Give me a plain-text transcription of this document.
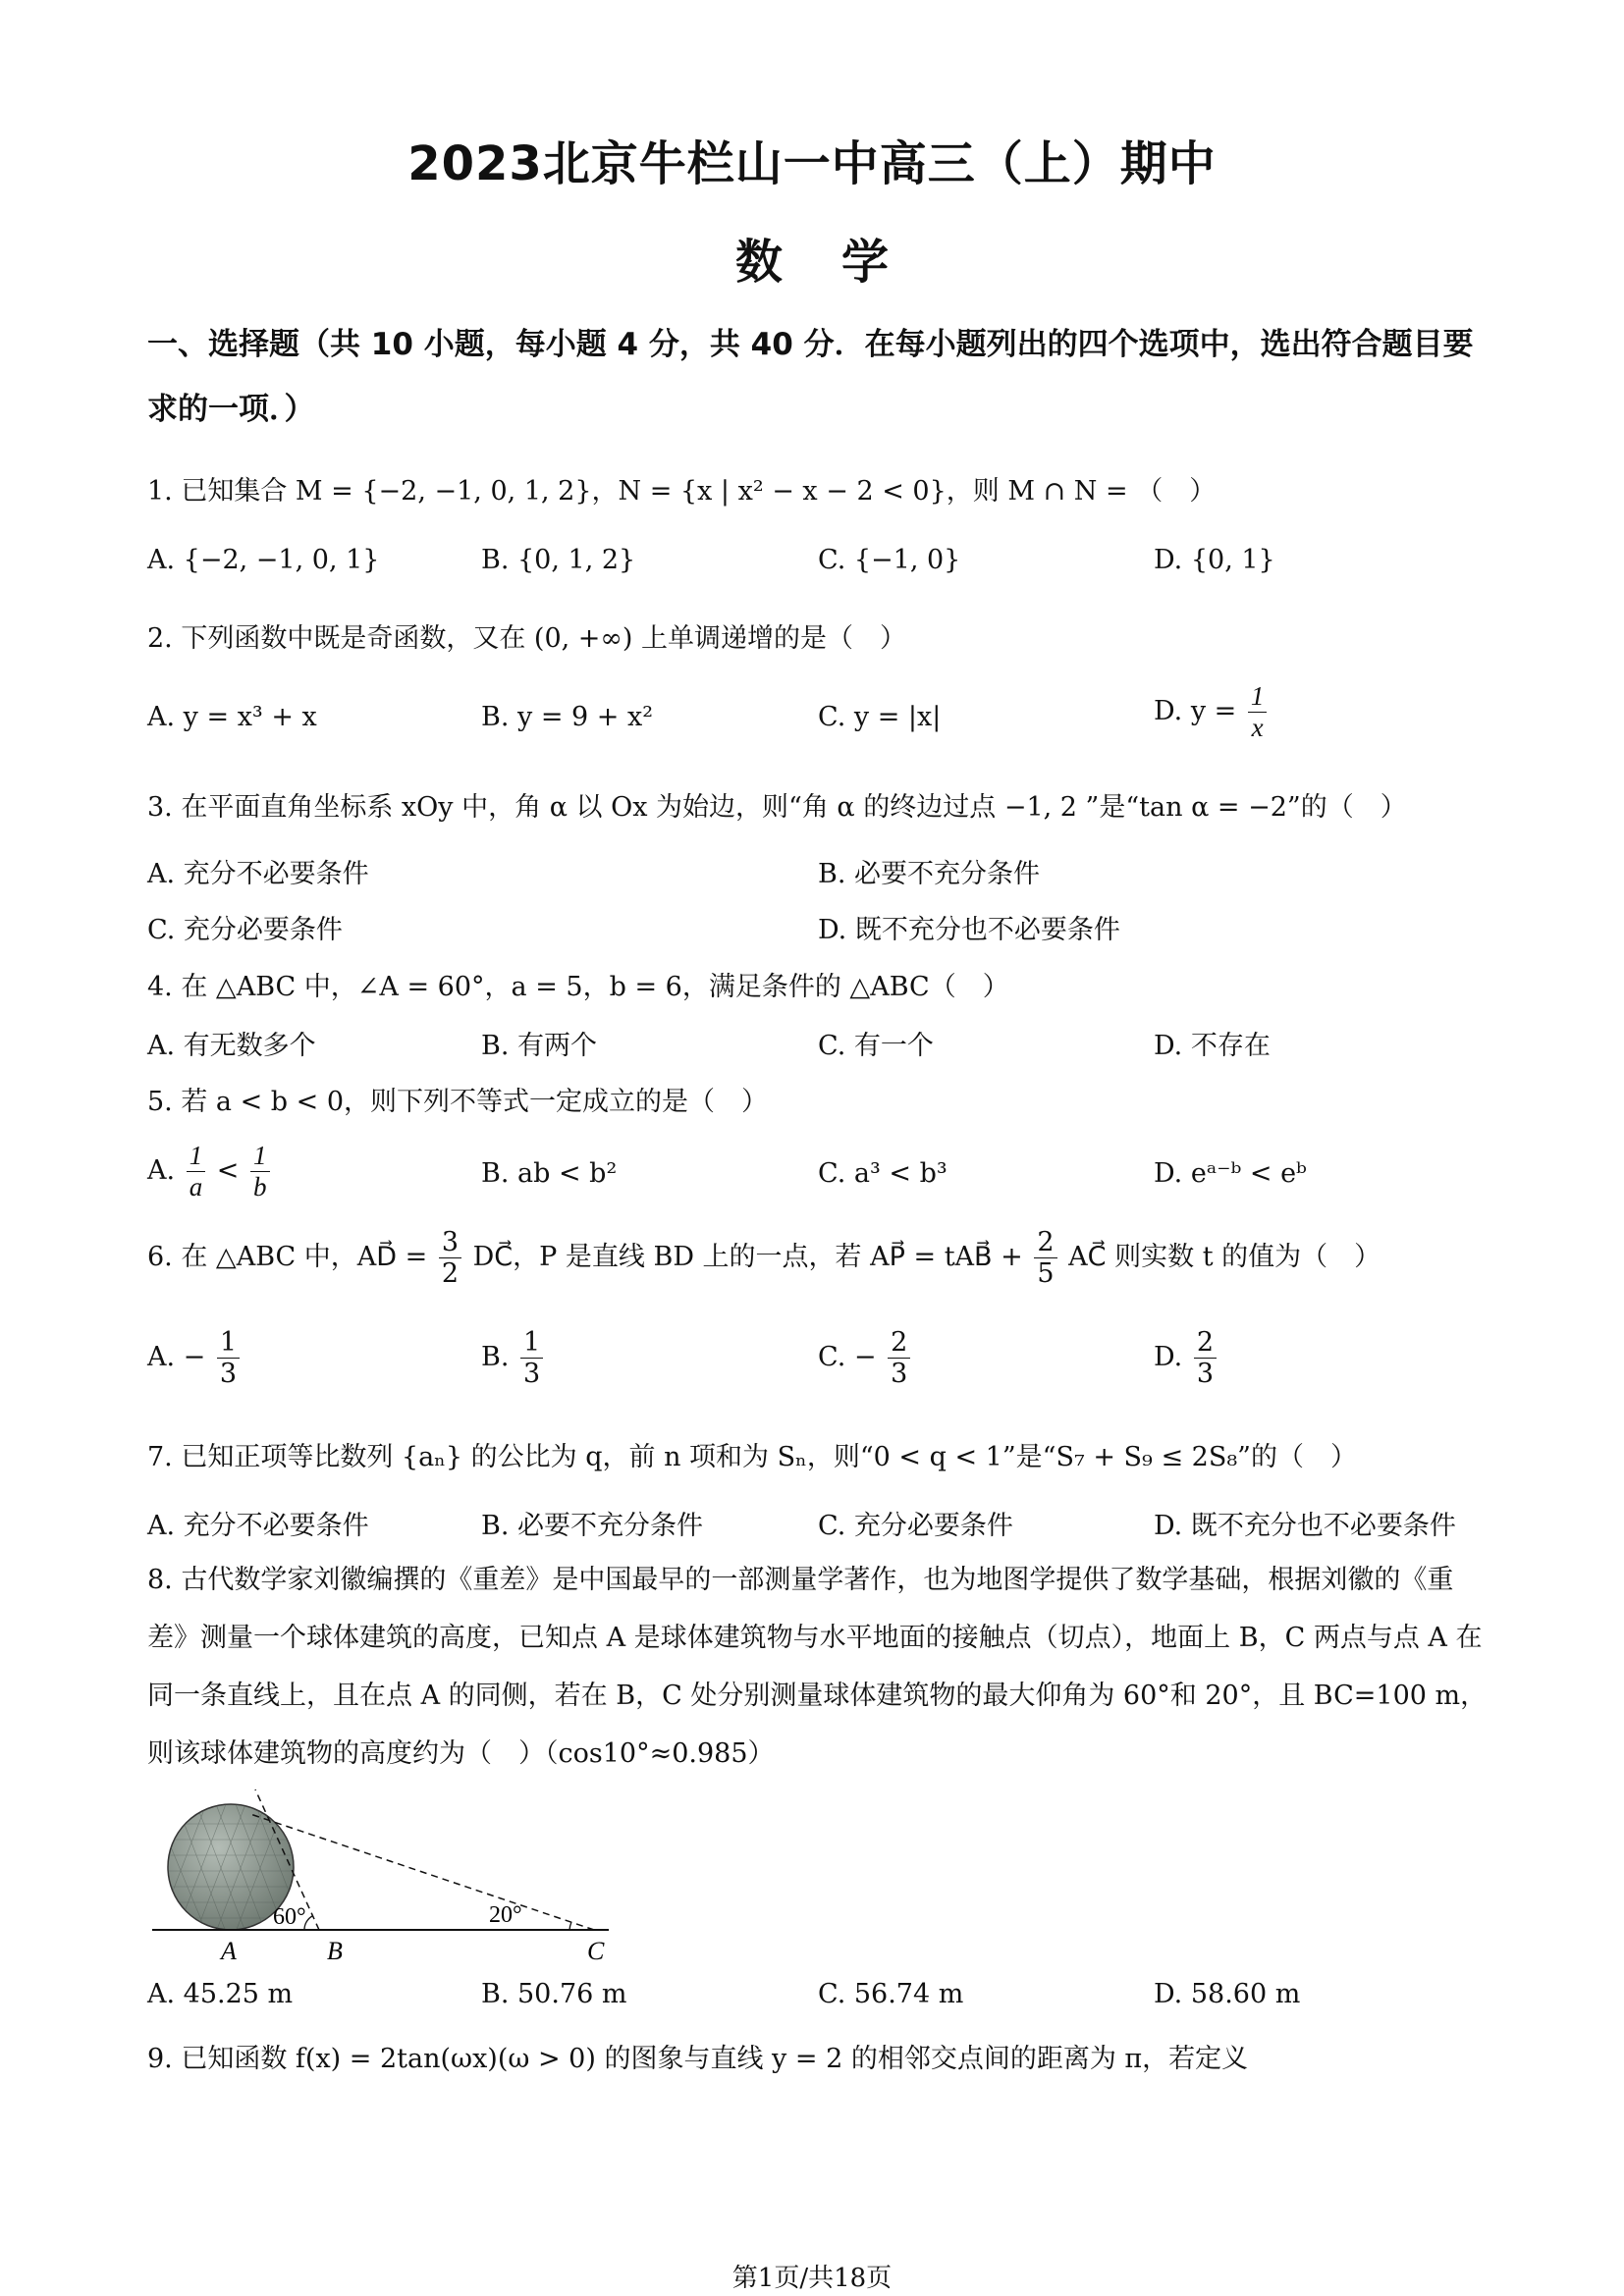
2023北京牛栏山一中高三（上）期中
数学
一、选择题（共 10 小题，每小题 4 分，共 40 分．在每小题列出的四个选项中，选出符合题目要求的一项．）
1. 已知集合 M = {−2, −1, 0, 1, 2}，N = {x | x² − x − 2 < 0}，则 M ∩ N = （　）
A. {−2, −1, 0, 1}	B. {0, 1, 2}	C. {−1, 0}	D. {0, 1}
2. 下列函数中既是奇函数，又在 (0, +∞) 上单调递增的是（　）
A. y = x³ + x	B. y = 9 + x²	C. y = |x|	D. $y = \frac{1}{x}$
3. 在平面直角坐标系 xOy 中，角 α 以 Ox 为始边，则“角 α 的终边过点 −1, 2 ”是“tan α = −2”的（　）
A. 充分不必要条件	B. 必要不充分条件
C. 充分必要条件	D. 既不充分也不必要条件
4. 在 △ABC 中，∠A = 60°，a = 5，b = 6，满足条件的 △ABC（　）
A. 有无数多个	B. 有两个	C. 有一个	D. 不存在
5. 若 a < b < 0，则下列不等式一定成立的是（　）
A. $\frac{1}{a} < \frac{1}{b}$	B. ab < b²	C. a³ < b³	D. eᵃ⁻ᵇ < eᵇ
6. 在 △ABC 中，AD⃗ = $\frac{3}{2}$ DC⃗，P 是直线 BD 上的一点，若 AP⃗ = tAB⃗ + $\frac{2}{5}$ AC⃗ 则实数 t 的值为（　）
A. − $\frac{1}{3}$	B. $\frac{1}{3}$	C. − $\frac{2}{3}$	D. $\frac{2}{3}$
7. 已知正项等比数列 {aₙ} 的公比为 q，前 n 项和为 Sₙ，则“0 < q < 1”是“S₇ + S₉ ≤ 2S₈”的（　）
A. 充分不必要条件	B. 必要不充分条件	C. 充分必要条件	D. 既不充分也不必要条件
8. 古代数学家刘徽编撰的《重差》是中国最早的一部测量学著作，也为地图学提供了数学基础，根据刘徽的《重差》测量一个球体建筑的高度，已知点 A 是球体建筑物与水平地面的接触点（切点），地面上 B，C 两点与点 A 在同一条直线上，且在点 A 的同侧，若在 B，C 处分别测量球体建筑物的最大仰角为 60°和 20°，且 BC=100 m，则该球体建筑物的高度约为（　）（cos10°≈0.985）
60°	20°
A	B	C
A. 45.25 m	B. 50.76 m	C. 56.74 m	D. 58.60 m
9. 已知函数 f(x) = 2tan(ωx)(ω > 0) 的图象与直线 y = 2 的相邻交点间的距离为 π，若定义
第1页/共18页
